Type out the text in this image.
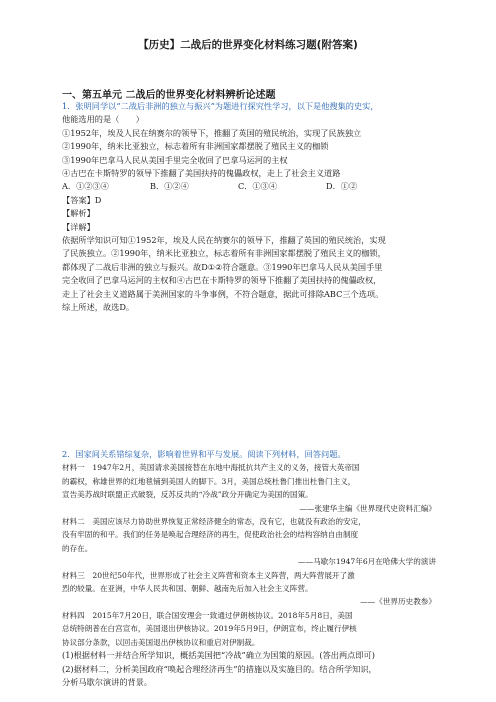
【历史】二战后的世界变化材料练习题(附答案)
一、第五单元 二战后的世界变化材料辨析论述题

1．张明同学以“二战后非洲的独立与振兴”为题进行探究性学习，以下是他搜集的史实，

他能选用的是（　　）

①1952年，埃及人民在纳赛尔的领导下，推翻了英国的殖民统治，实现了民族独立

②1990年，纳米比亚独立，标志着所有非洲国家都摆脱了殖民主义的枷锁

③1990年巴拿马人民从美国手里完全收回了巴拿马运河的主权

④古巴在卡斯特罗的领导下推翻了美国扶持的傀儡政权，走上了社会主义道路

A．①②③④	B．①②④	C．①③④	D．①②

【答案】D

【解析】

【详解】

依据所学知识可知①1952年，埃及人民在纳赛尔的领导下，推翻了英国的殖民统治，实现

了民族独立。②1990年，纳米比亚独立，标志着所有非洲国家都摆脱了殖民主义的枷锁，

都体现了二战后非洲的独立与振兴。故D①②符合题意。③1990年巴拿马人民从美国手里

完全收回了巴拿马运河的主权和④古巴在卡斯特罗的领导下推翻了美国扶持的傀儡政权，

走上了社会主义道路属于美洲国家的斗争事例，不符合题意，据此可排除ABC三个选项。

综上所述，故选D。

2．国家间关系错综复杂，影响着世界和平与发展。阅读下列材料，回答问题。

材料一　1947年2月，英国请求美国接替在东地中海抵抗共产主义的义务，接管大英帝国

的霸权，称雄世界的红地毯铺到美国人的脚下。3月，美国总统杜鲁门推出杜鲁门主义，

宣告美苏战时联盟正式破裂，反苏反共的“冷战”政分开确定为美国的国策。

——张建华主编《世界现代史资料汇编》

材料二　美国应该尽力协助世界恢复正常经济健全的常态，没有它，也就没有政治的安定，

没有牢固的和平。我们的任务是唤起合理经济的再生，促使政治社会的结构容纳自由制度

的存在。

——马歇尔1947年6月在哈佛大学的演讲

材料三　20世纪50年代，世界形成了社会主义阵营和资本主义阵营，两大阵营展开了激

烈的较量。在亚洲，中华人民共和国、朝鲜、越南先后加入社会主义阵营。

——《世界历史教参》

材料四　2015年7月20日，联合国安理会一致通过伊朗核协议。2018年5月8日，美国

总统特朗普在白宫宣布，美国退出伊核协议。2019年5月9日，伊朗宣布，终止履行伊核

协议部分条款，以回击美国退出伊核协议和重启对伊制裁。

(1)根据材料一并结合所学知识，概括美国把“冷战”确立为国策的原因。(答出两点即可)

(2)据材料二，分析美国政府“唤起合理经济再生”的措施以及实施目的。结合所学知识，

分析马歇尔演讲的背景。
